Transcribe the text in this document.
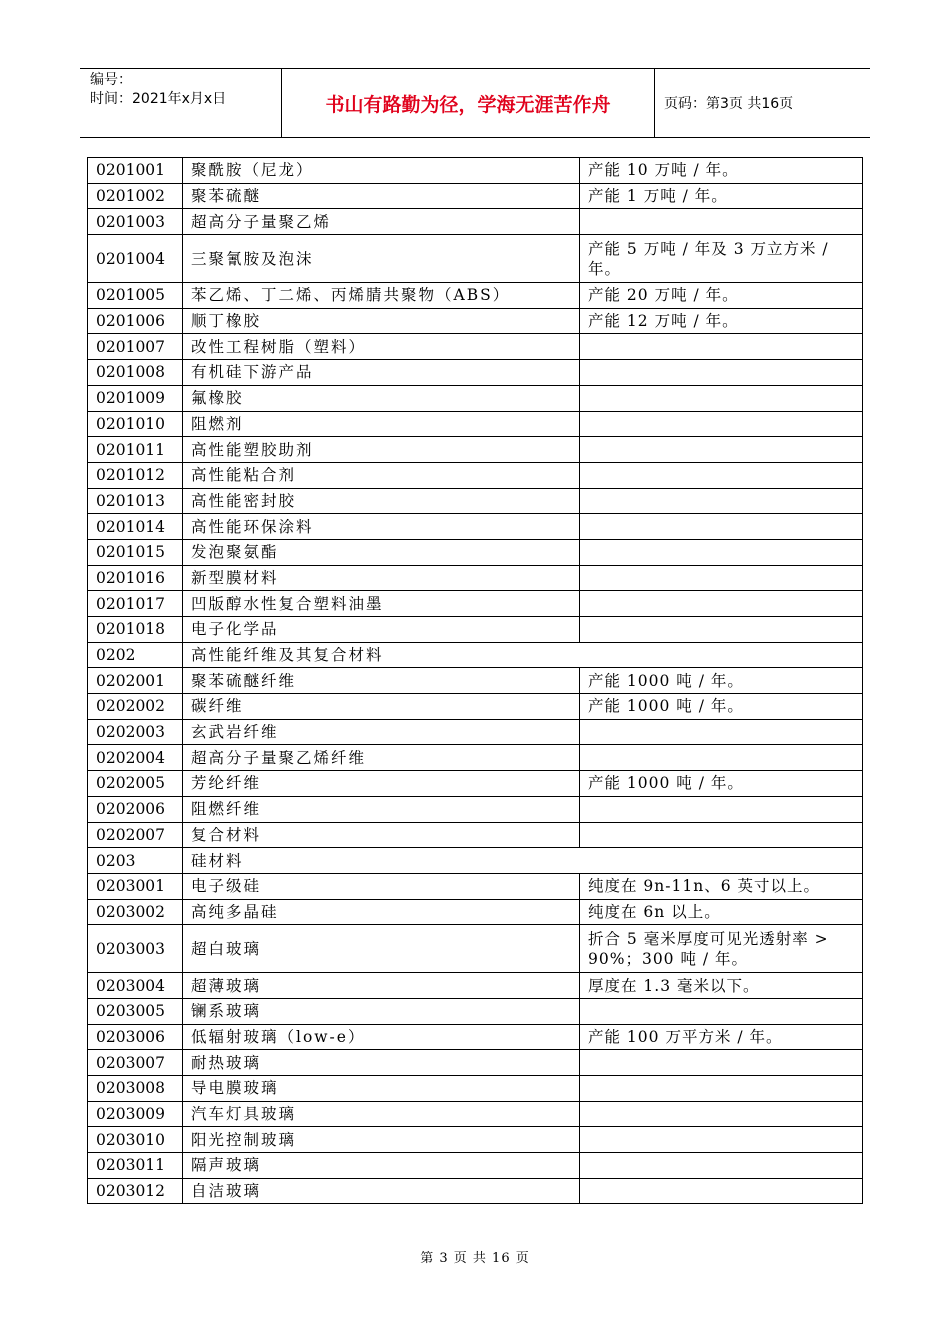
编号：
时间：2021年x月x日	书山有路勤为径，学海无涯苦作舟	页码：第3页 共16页
0201001	聚酰胺（尼龙）	产能 10 万吨 / 年。
0201002	聚苯硫醚	产能 1 万吨 / 年。
0201003	超高分子量聚乙烯	
0201004	三聚氰胺及泡沫	产能 5 万吨 / 年及 3 万立方米 / 年。
0201005	苯乙烯、丁二烯、丙烯腈共聚物（ABS）	产能 20 万吨 / 年。
0201006	顺丁橡胶	产能 12 万吨 / 年。
0201007	改性工程树脂（塑料）	
0201008	有机硅下游产品	
0201009	氟橡胶	
0201010	阻燃剂	
0201011	高性能塑胶助剂	
0201012	高性能粘合剂	
0201013	高性能密封胶	
0201014	高性能环保涂料	
0201015	发泡聚氨酯	
0201016	新型膜材料	
0201017	凹版醇水性复合塑料油墨	
0201018	电子化学品	
0202	高性能纤维及其复合材料	
0202001	聚苯硫醚纤维	产能 1000 吨 / 年。
0202002	碳纤维	产能 1000 吨 / 年。
0202003	玄武岩纤维	
0202004	超高分子量聚乙烯纤维	
0202005	芳纶纤维	产能 1000 吨 / 年。
0202006	阻燃纤维	
0202007	复合材料	
0203	硅材料	
0203001	电子级硅	纯度在 9n-11n、6 英寸以上。
0203002	高纯多晶硅	纯度在 6n 以上。
0203003	超白玻璃	折合 5 毫米厚度可见光透射率 > 90%；300 吨 / 年。
0203004	超薄玻璃	厚度在 1.3 毫米以下。
0203005	镧系玻璃	
0203006	低辐射玻璃（low-e）	产能 100 万平方米 / 年。
0203007	耐热玻璃	
0203008	导电膜玻璃	
0203009	汽车灯具玻璃	
0203010	阳光控制玻璃	
0203011	隔声玻璃	
0203012	自洁玻璃	
第 3 页 共 16 页
